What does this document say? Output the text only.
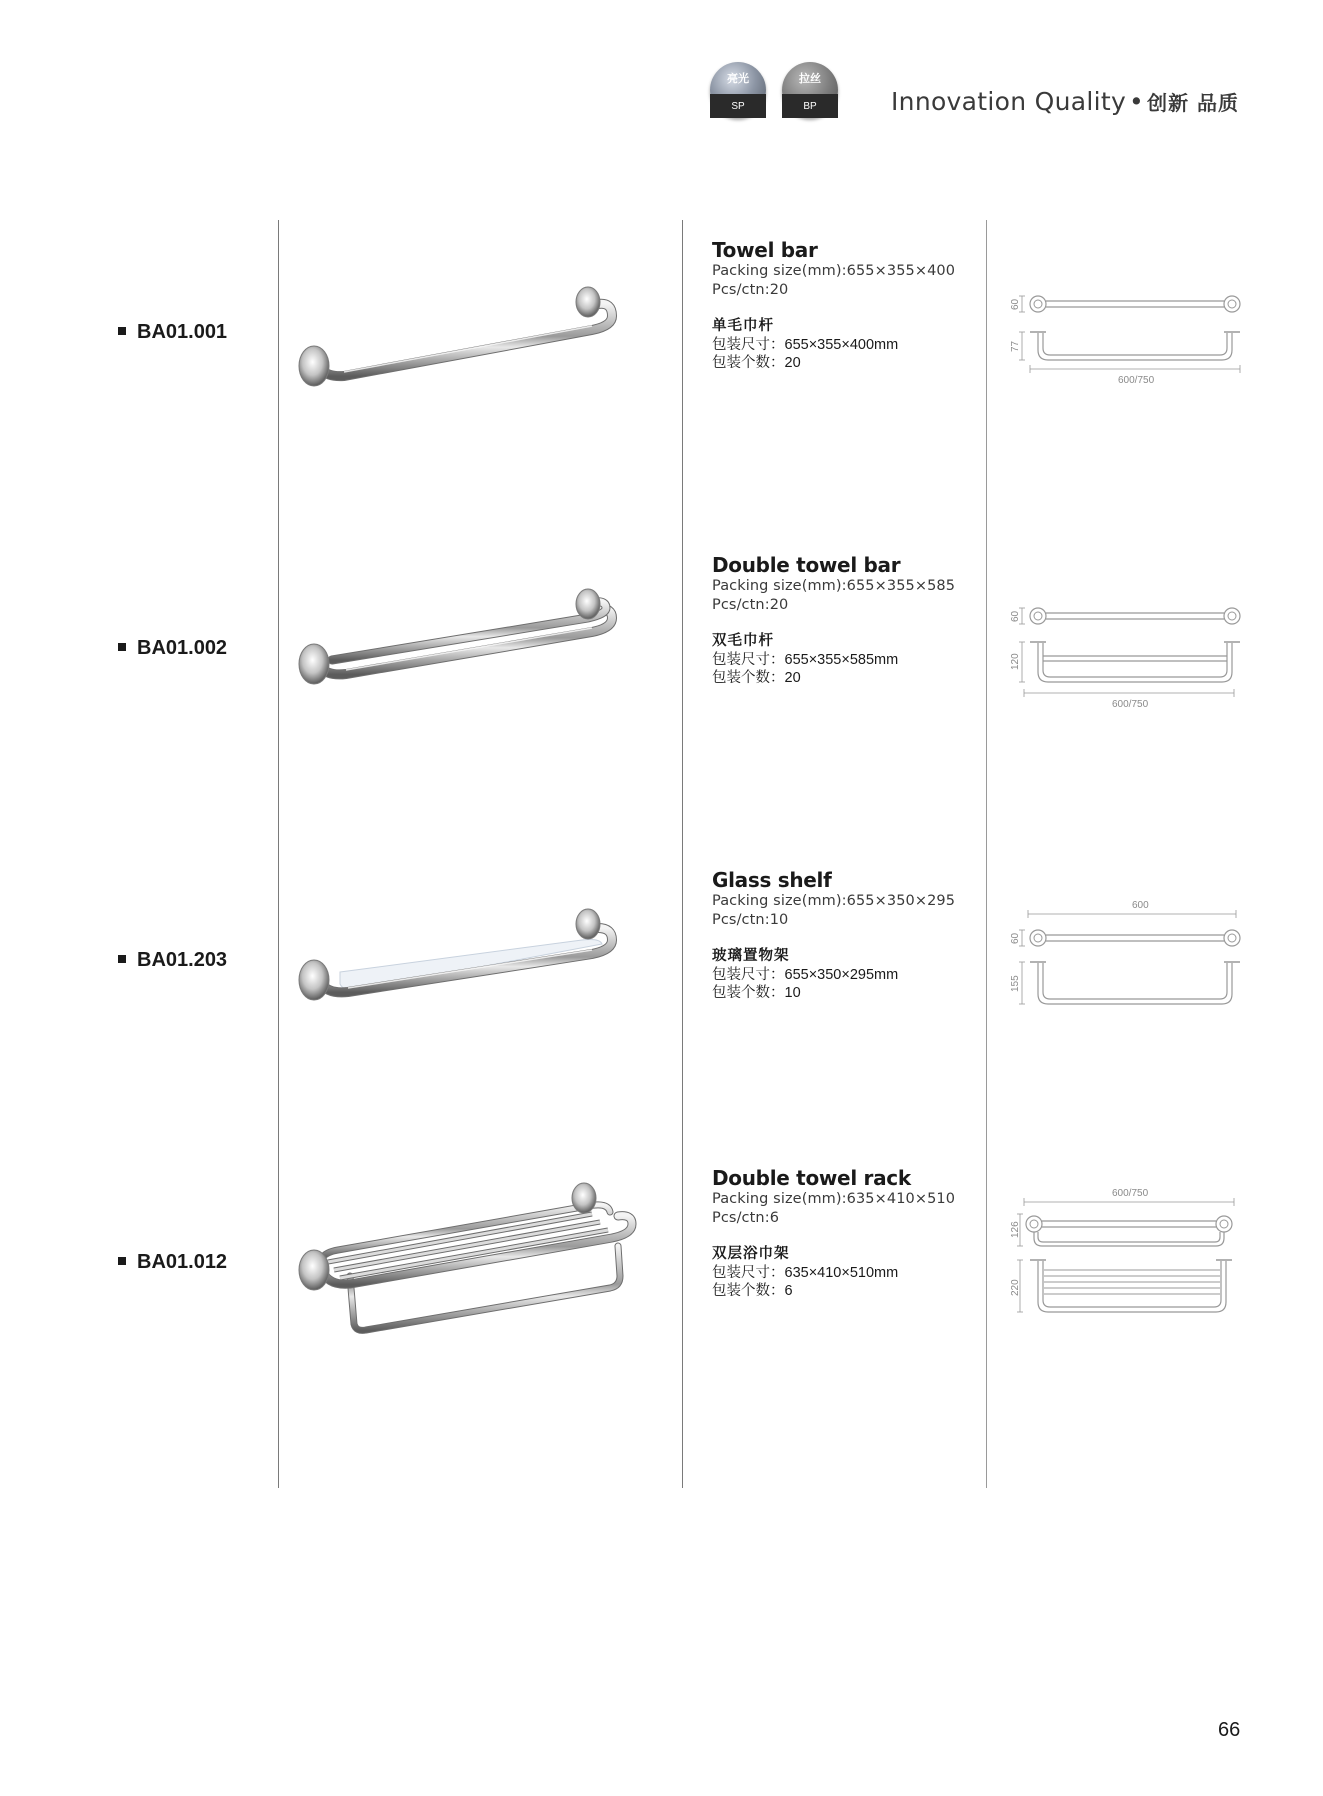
亮光
SP
拉丝
BP	Innovation Quality • 创新 品质
BA01.001
Towel bar
Packing size(mm):655×355×400
Pcs/ctn:20
单毛巾杆
包装尺寸：655×355×400mm
包装个数：20
60
77
600/750
BA01.002
Double towel bar
Packing size(mm):655×355×585
Pcs/ctn:20
双毛巾杆
包装尺寸：655×355×585mm
包装个数：20
60
120
600/750
BA01.203
Glass shelf
Packing size(mm):655×350×295
Pcs/ctn:10
玻璃置物架
包装尺寸：655×350×295mm
包装个数：10
600
60
155
BA01.012
Double towel rack
Packing size(mm):635×410×510
Pcs/ctn:6
双层浴巾架
包装尺寸：635×410×510mm
包装个数：6
600/750
126
220
66
